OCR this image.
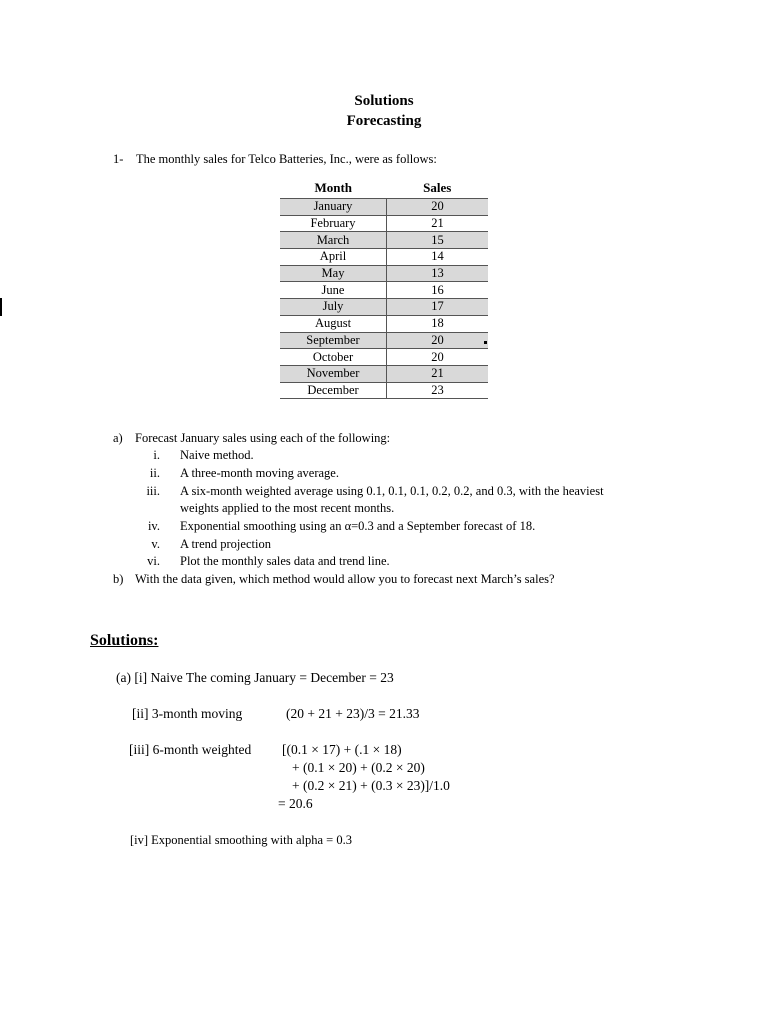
Solutions
Forecasting
1- The monthly sales for Telco Batteries, Inc., were as follows:
Month	Sales
January	20
February	21
March	15
April	14
May	13
June	16
July	17
August	18
September	20
October	20
November	21
December	23
a) Forecast January sales using each of the following:
i. Naive method.
ii. A three-month moving average.
iii. A six-month weighted average using 0.1, 0.1, 0.1, 0.2, 0.2, and 0.3, with the heaviest
weights applied to the most recent months.
iv. Exponential smoothing using an α=0.3 and a September forecast of 18.
v. A trend projection
vi. Plot the monthly sales data and trend line.
b) With the data given, which method would allow you to forecast next March’s sales?
Solutions:
(a) [i] Naive The coming January = December = 23
[ii] 3-month moving	(20 + 21 + 23)/3 = 21.33
[iii] 6-month weighted [(0.1 × 17) + (.1 × 18)
+ (0.1 × 20) + (0.2 × 20)
+ (0.2 × 21) + (0.3 × 23)]/1.0
= 20.6
[iv] Exponential smoothing with alpha = 0.3
